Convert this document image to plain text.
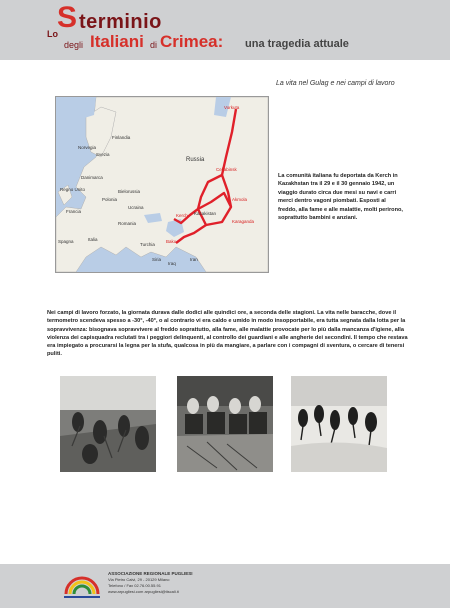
Lo S terminio
degli Italiani di Crimea: una tragedia attuale
La vita nel Gulag e nei campi di lavoro
Finlandia
Svezia
Norvegia
Danimarca
Regno Unito
Francia
Spagna
Polonia
Italia
Bielorussia
Ucraina
Romania
Turchia
Russia
Kazakistan
Siria
Iraq
Iran
Vorkuta
Celiabinsk
Akmola
Karaganda
Kerch
Baku
La comunità italiana fu deportata da Kerch in Kazakhstan tra il 29 e il 30 gennaio 1942, un viaggio durato circa due mesi su navi e carri merci dentro vagoni piombati. Esposti al freddo, alla fame e alle malattie, molti perirono, soprattutto bambini e anziani.
Nei campi di lavoro forzato, la giornata durava dalle dodici alle quindici ore, a seconda delle stagioni. La vita nelle baracche, dove il termometro scendeva spesso a -30°, -40°, o al contrario vi era caldo e umido in modo insopportabile, era tutta segnata dalla lotta per la sopravvivenza: bisognava sopravvivere al freddo soprattutto, alla fame, alle malattie provocate per lo più dalla mancanza d'igiene, alla violenza dei capisquadra reclutati tra i peggiori delinquenti, al controllo dei guardiani e alle angherie dei secondini. Il tempo che restava era impiegato a procurarsi la legna per la stufa, qualcosa in più da mangiare, a parlare con i compagni di sventura, o cercare di tenersi puliti.
ASSOCIAZIONE REGIONALE PUGLIESI
Via Pietro Calvi, 29 - 20129 Milano
Telefono / Fax 02.76.00.55.91
www.arpugliesi.com arpugliesi@tiscali.it
